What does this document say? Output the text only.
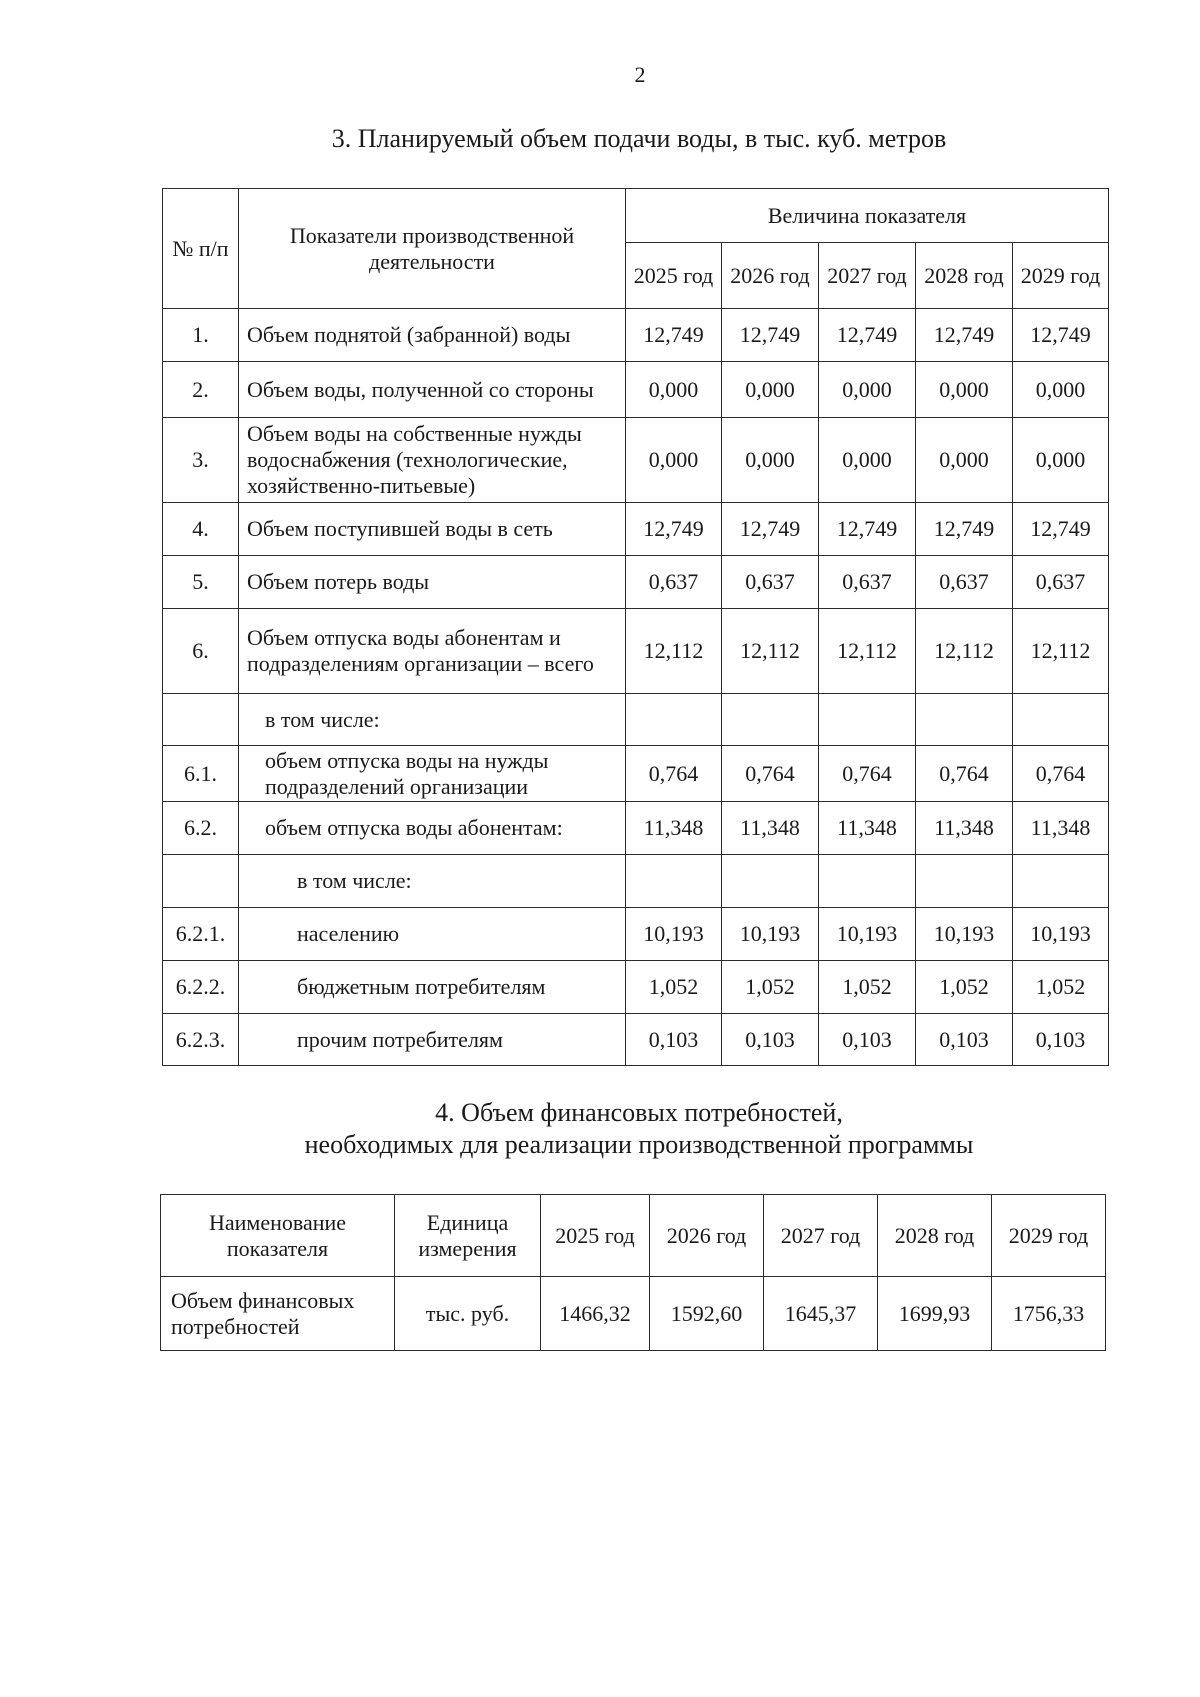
2
3. Планируемый объем подачи воды, в тыс. куб. метров
№ п/п	Показатели производственной деятельности	Величина показателя				
		2025 год	2026 год	2027 год	2028 год	2029 год
1.	Объем поднятой (забранной) воды	12,749	12,749	12,749	12,749	12,749
2.	Объем воды, полученной со стороны	0,000	0,000	0,000	0,000	0,000
3.	Объем воды на собственные нужды водоснабжения (технологические, хозяйственно-питьевые)	0,000	0,000	0,000	0,000	0,000
4.	Объем поступившей воды в сеть	12,749	12,749	12,749	12,749	12,749
5.	Объем потерь воды	0,637	0,637	0,637	0,637	0,637
6.	Объем отпуска воды абонентам и подразделениям организации – всего	12,112	12,112	12,112	12,112	12,112
	в том числе:					
6.1.	объем отпуска воды на нужды подразделений организации	0,764	0,764	0,764	0,764	0,764
6.2.	объем отпуска воды абонентам:	11,348	11,348	11,348	11,348	11,348
	в том числе:					
6.2.1.	населению	10,193	10,193	10,193	10,193	10,193
6.2.2.	бюджетным потребителям	1,052	1,052	1,052	1,052	1,052
6.2.3.	прочим потребителям	0,103	0,103	0,103	0,103	0,103
4. Объем финансовых потребностей,
необходимых для реализации производственной программы
Наименование показателя	Единица измерения	2025 год	2026 год	2027 год	2028 год	2029 год
Объем финансовых потребностей	тыс. руб.	1466,32	1592,60	1645,37	1699,93	1756,33
